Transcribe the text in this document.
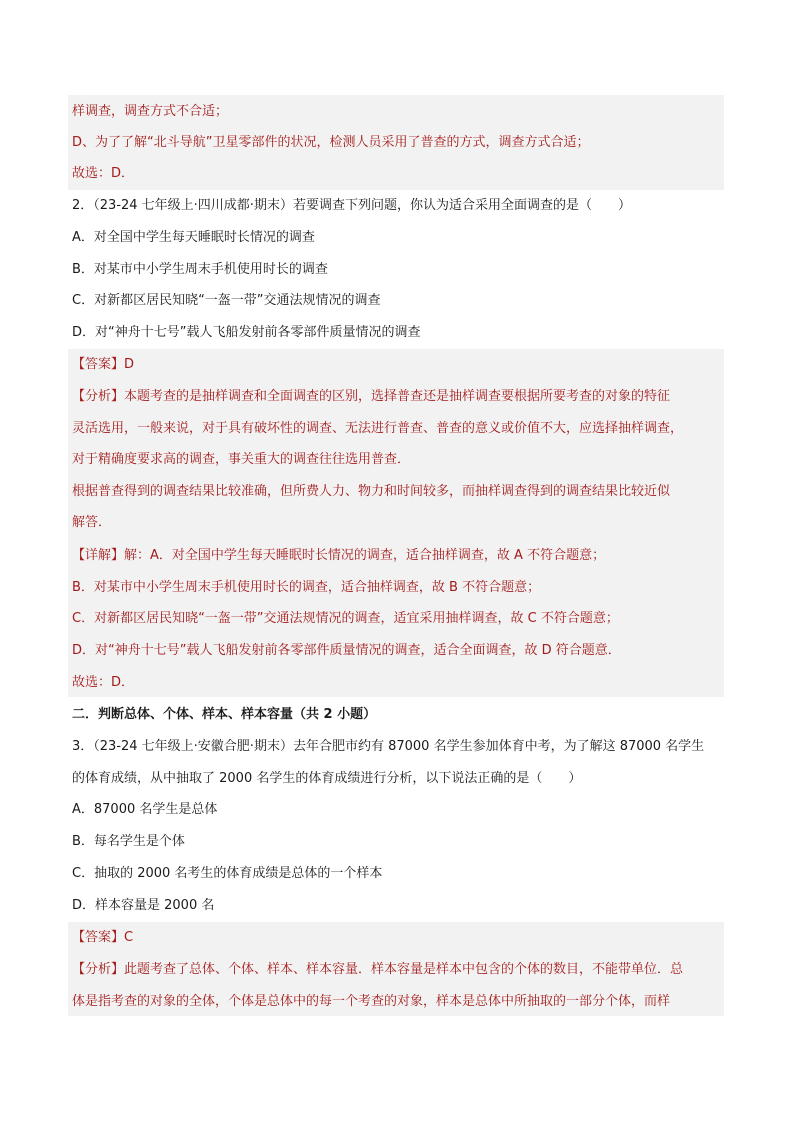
样调查，调查方式不合适；
D、为了了解“北斗导航”卫星零部件的状况，检测人员采用了普查的方式，调查方式合适；
故选：D．
2．（23-24 七年级上·四川成都·期末）若要调查下列问题，你认为适合采用全面调查的是（　　）
A．对全国中学生每天睡眠时长情况的调查
B．对某市中小学生周末手机使用时长的调查
C．对新都区居民知晓“一盔一带”交通法规情况的调查
D．对“神舟十七号”载人飞船发射前各零部件质量情况的调查
【答案】D
【分析】本题考查的是抽样调查和全面调查的区别，选择普查还是抽样调查要根据所要考查的对象的特征
灵活选用，一般来说，对于具有破坏性的调查、无法进行普查、普查的意义或价值不大，应选择抽样调查，
对于精确度要求高的调查，事关重大的调查往往选用普查．
根据普查得到的调查结果比较准确，但所费人力、物力和时间较多，而抽样调查得到的调查结果比较近似
解答．
【详解】解：A．对全国中学生每天睡眠时长情况的调查，适合抽样调查，故 A 不符合题意；
B．对某市中小学生周末手机使用时长的调查，适合抽样调查，故 B 不符合题意；
C．对新都区居民知晓“一盔一带”交通法规情况的调查，适宜采用抽样调查，故 C 不符合题意；
D．对“神舟十七号”载人飞船发射前各零部件质量情况的调查，适合全面调查，故 D 符合题意．
故选：D．
二．判断总体、个体、样本、样本容量（共 2 小题）
3．（23-24 七年级上·安徽合肥·期末）去年合肥市约有 87000 名学生参加体育中考，为了解这 87000 名学生
的体育成绩，从中抽取了 2000 名学生的体育成绩进行分析，以下说法正确的是（　　）
A．87000 名学生是总体
B．每名学生是个体
C．抽取的 2000 名考生的体育成绩是总体的一个样本
D．样本容量是 2000 名
【答案】C
【分析】此题考查了总体、个体、样本、样本容量．样本容量是样本中包含的个体的数目，不能带单位．总
体是指考查的对象的全体，个体是总体中的每一个考查的对象，样本是总体中所抽取的一部分个体，而样
